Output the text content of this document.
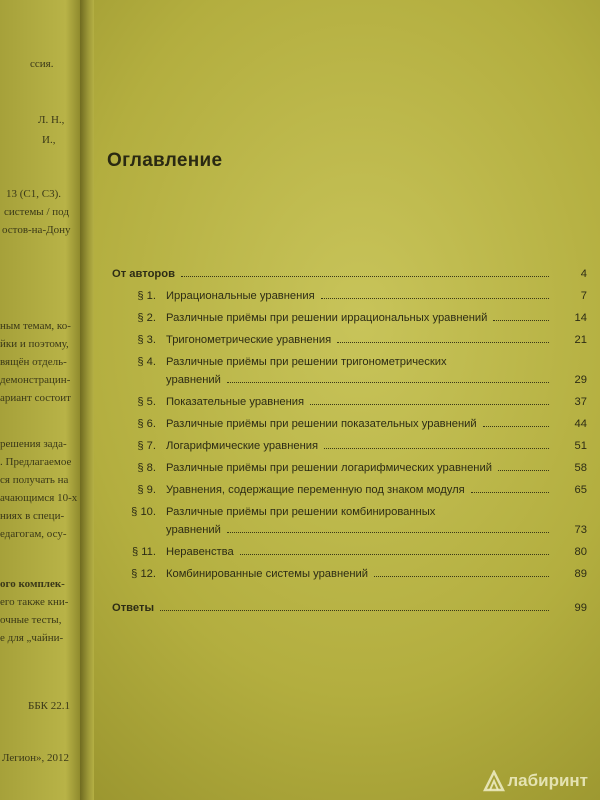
ссия.
Л. Н.,
И.,
13 (С1, С3).
системы / под
остов-на-Дону
ным темам, ко-
йки и поэтому,
вящён отдель-
демонстрацин-
ариант состоит
решения зада-
. Предлагаемое
ся получать на
ачающимся 10-х
ниях в специ-
едагогам, осу-
ого комплек-
его также кни-
очные тесты,
е для „чайни-
ББК 22.1
Легион», 2012
Оглавление
От авторов	4
§ 1. Иррациональные уравнения	7
§ 2. Различные приёмы при решении иррациональных уравнений	14
§ 3. Тригонометрические уравнения	21
§ 4. Различные приёмы при решении тригонометрических
уравнений	29
§ 5. Показательные уравнения	37
§ 6. Различные приёмы при решении показательных уравнений	44
§ 7. Логарифмические уравнения	51
§ 8. Различные приёмы при решении логарифмических уравнений	58
§ 9. Уравнения, содержащие переменную под знаком модуля	65
§ 10. Различные приёмы при решении комбинированных
уравнений	73
§ 11. Неравенства	80
§ 12. Комбинированные системы уравнений	89
Ответы	99
лабиринт
